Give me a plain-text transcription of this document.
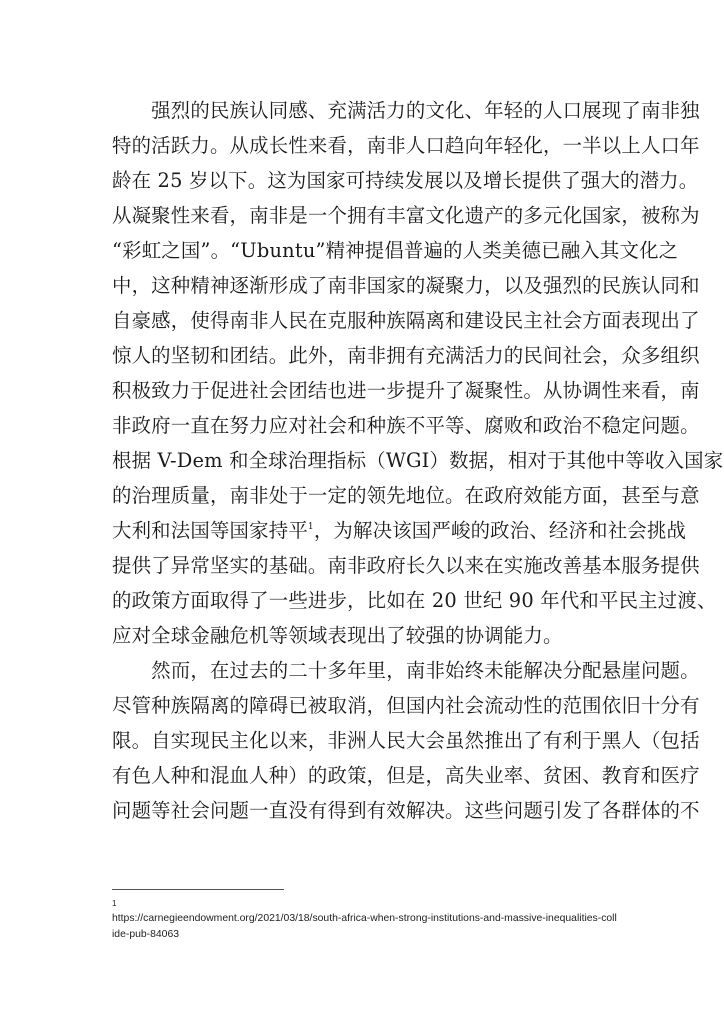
　　强烈的民族认同感、充满活力的文化、年轻的人口展现了南非独
特的活跃力。从成长性来看，南非人口趋向年轻化，一半以上人口年
龄在 25 岁以下。这为国家可持续发展以及增长提供了强大的潜力。
从凝聚性来看，南非是一个拥有丰富文化遗产的多元化国家，被称为
“彩虹之国”。“Ubuntu”精神提倡普遍的人类美德已融入其文化之
中，这种精神逐渐形成了南非国家的凝聚力，以及强烈的民族认同和
自豪感，使得南非人民在克服种族隔离和建设民主社会方面表现出了
惊人的坚韧和团结。此外，南非拥有充满活力的民间社会，众多组织
积极致力于促进社会团结也进一步提升了凝聚性。从协调性来看，南
非政府一直在努力应对社会和种族不平等、腐败和政治不稳定问题。
根据 V-Dem 和全球治理指标（WGI）数据，相对于其他中等收入国家
的治理质量，南非处于一定的领先地位。在政府效能方面，甚至与意
大利和法国等国家持平$^1$，为解决该国严峻的政治、经济和社会挑战
提供了异常坚实的基础。南非政府长久以来在实施改善基本服务提供
的政策方面取得了一些进步，比如在 20 世纪 90 年代和平民主过渡、
应对全球金融危机等领域表现出了较强的协调能力。
　　然而，在过去的二十多年里，南非始终未能解决分配悬崖问题。
尽管种族隔离的障碍已被取消，但国内社会流动性的范围依旧十分有
限。自实现民主化以来，非洲人民大会虽然推出了有利于黑人（包括
有色人种和混血人种）的政策，但是，高失业率、贫困、教育和医疗
问题等社会问题一直没有得到有效解决。这些问题引发了各群体的不
1
https://carnegieendowment.org/2021/03/18/south-africa-when-strong-institutions-and-massive-inequalities-coll
ide-pub-84063
